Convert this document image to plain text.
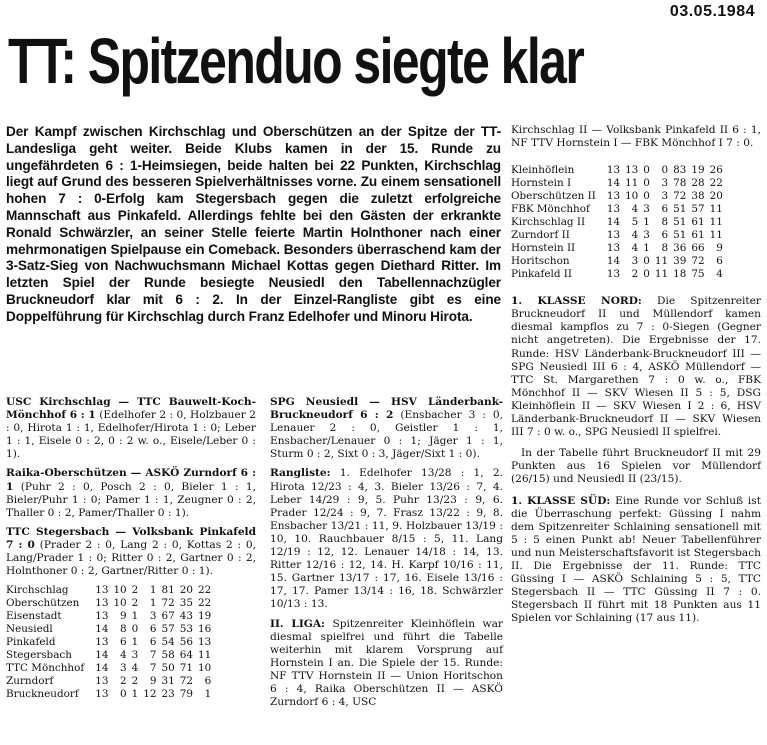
03.05.1984
TT: Spitzenduo siegte klar

Der Kampf zwischen Kirchschlag und Oberschützen an der Spitze der TT-Landesliga geht weiter. Beide Klubs kamen in der 15. Runde zu ungefährdeten 6 : 1-Heimsiegen, beide halten bei 22 Punkten, Kirchschlag liegt auf Grund des besseren Spielverhältnisses vorne. Zu einem sensationell hohen 7 : 0-Erfolg kam Stegersbach gegen die zuletzt erfolgreiche Mannschaft aus Pinkafeld. Allerdings fehlte bei den Gästen der erkrankte Ronald Schwärzler, an seiner Stelle feierte Martin Holnthoner nach einer mehrmonatigen Spielpause ein Comeback. Besonders überraschend kam der 3-Satz-Sieg von Nachwuchsmann Michael Kottas gegen Diethard Ritter. Im letzten Spiel der Runde besiegte Neusiedl den Tabellennachzügler Bruckneudorf klar mit 6 : 2. In der Einzel-Rangliste gibt es eine Doppelführung für Kirchschlag durch Franz Edelhofer und Minoru Hirota.

USC Kirchschlag — TTC Bauwelt-Koch-Mönchhof 6 : 1 (Edelhofer 2 : 0, Holzbauer 2 : 0, Hirota 1 : 1, Edelhofer/Hirota 1 : 0; Leber 1 : 1, Eisele 0 : 2, 0 : 2 w. o., Eisele/Leber 0 : 1).

Raika-Oberschützen — ASKÖ Zurndorf 6 : 1 (Puhr 2 : 0, Posch 2 : 0, Bieler 1 : 1, Bieler/Puhr 1 : 0; Pamer 1 : 1, Zeugner 0 : 2, Thaller 0 : 2, Pamer/Thaller 0 : 1).

TTC Stegersbach — Volksbank Pinkafeld 7 : 0 (Prader 2 : 0, Lang 2 : 0, Kottas 2 : 0, Lang/Prader 1 : 0; Ritter 0 : 2, Gartner 0 : 2, Holnthoner 0 : 2, Gartner/Ritter 0 : 1).

Kirchschlag	13	10	2	1	81	20	22
Oberschützen	13	10	2	1	72	35	22
Eisenstadt	13	9	1	3	67	43	19
Neusiedl	14	8	0	6	57	53	16
Pinkafeld	13	6	1	6	54	56	13
Stegersbach	14	4	3	7	58	64	11
TTC Mönchhof	14	3	4	7	50	71	10
Zurndorf	13	2	2	9	31	72	6
Bruckneudorf	13	0	1	12	23	79	1

SPG Neusiedl — HSV Länderbank-Bruckneudorf 6 : 2 (Ensbacher 3 : 0, Lenauer 2 : 0, Geistler 1 : 1, Ensbacher/Lenauer 0 : 1; Jäger 1 : 1, Sturm 0 : 2, Sixt 0 : 3, Jäger/Sixt 1 : 0).

Rangliste: 1. Edelhofer 13/28 : 1, 2. Hirota 12/23 : 4, 3. Bieler 13/26 : 7, 4. Leber 14/29 : 9, 5. Puhr 13/23 : 9, 6. Prader 12/24 : 9, 7. Frasz 13/22 : 9, 8. Ensbacher 13/21 : 11, 9. Holzbauer 13/19 : 10, 10. Rauchbauer 8/15 : 5, 11. Lang 12/19 : 12, 12. Lenauer 14/18 : 14, 13. Ritter 12/16 : 12, 14. H. Karpf 10/16 : 11, 15. Gartner 13/17 : 17, 16. Eisele 13/16 : 17, 17. Pamer 13/14 : 16, 18. Schwärzler 10/13 : 13.

II. LIGA: Spitzenreiter Kleinhöflein war diesmal spielfrei und führt die Tabelle weiterhin mit klarem Vorsprung auf Hornstein I an. Die Spiele der 15. Runde: NF TTV Hornstein II — Union Horitschon 6 : 4, Raika Oberschützen II — ASKÖ Zurndorf 6 : 4, USC

Kirchschlag II — Volksbank Pinkafeld II 6 : 1, NF TTV Hornstein I — FBK Mönchhof I 7 : 0.

Kleinhöflein	13	13	0	0	83	19	26
Hornstein I	14	11	0	3	78	28	22
Oberschützen II	13	10	0	3	72	38	20
FBK Mönchhof	13	4	3	6	51	57	11
Kirchschlag II	14	5	1	8	51	61	11
Zurndorf II	13	4	3	6	51	61	11
Hornstein II	13	4	1	8	36	66	9
Horitschon	14	3	0	11	39	72	6
Pinkafeld II	13	2	0	11	18	75	4

1. KLASSE NORD: Die Spitzenreiter Bruckneudorf II und Müllendorf kamen diesmal kampflos zu 7 : 0-Siegen (Gegner nicht angetreten). Die Ergebnisse der 17. Runde: HSV Länderbank-Bruckneudorf III — SPG Neusiedl III 6 : 4, ASKÖ Müllendorf — TTC St. Margarethen 7 : 0 w. o., FBK Mönchhof II — SKV Wiesen II 5 : 5, DSG Kleinhöflein II — SKV Wiesen I 2 : 6, HSV Länderbank-Bruckneudorf II — SKV Wiesen III 7 : 0 w. o., SPG Neusiedl II spielfrei.

In der Tabelle führt Bruckneudorf II mit 29 Punkten aus 16 Spielen vor Müllendorf (26/15) und Neusiedl II (23/15).

1. KLASSE SÜD: Eine Runde vor Schluß ist die Überraschung perfekt: Güssing I nahm dem Spitzenreiter Schlaining sensationell mit 5 : 5 einen Punkt ab! Neuer Tabellenführer und nun Meisterschaftsfavorit ist Stegersbach II. Die Ergebnisse der 11. Runde: TTC Güssing I — ASKÖ Schlaining 5 : 5, TTC Stegersbach II — TTC Güssing II 7 : 0. Stegersbach II führt mit 18 Punkten aus 11 Spielen vor Schlaining (17 aus 11).
